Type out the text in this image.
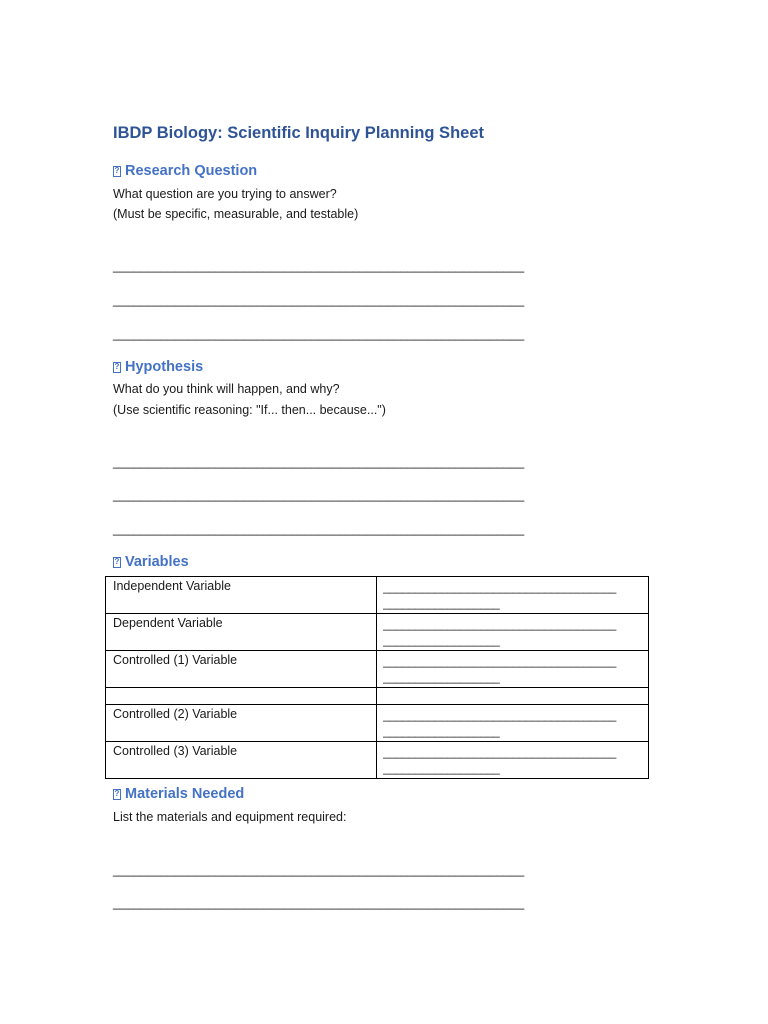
IBDP Biology: Scientific Inquiry Planning Sheet
?
Research Question
What question are you trying to answer?
(Must be specific, measurable, and testable)
____________________________________________________________
____________________________________________________________
____________________________________________________________
?
Hypothesis
What do you think will happen, and why?
(Use scientific reasoning: "If... then... because...")
____________________________________________________________
____________________________________________________________
____________________________________________________________
?
Variables
Independent Variable	____________________________________
__________________

Dependent Variable	____________________________________
__________________

Controlled (1) Variable	____________________________________
__________________

Controlled (2) Variable	____________________________________
__________________

Controlled (3) Variable	____________________________________
__________________
?
Materials Needed
List the materials and equipment required:
____________________________________________________________
____________________________________________________________
